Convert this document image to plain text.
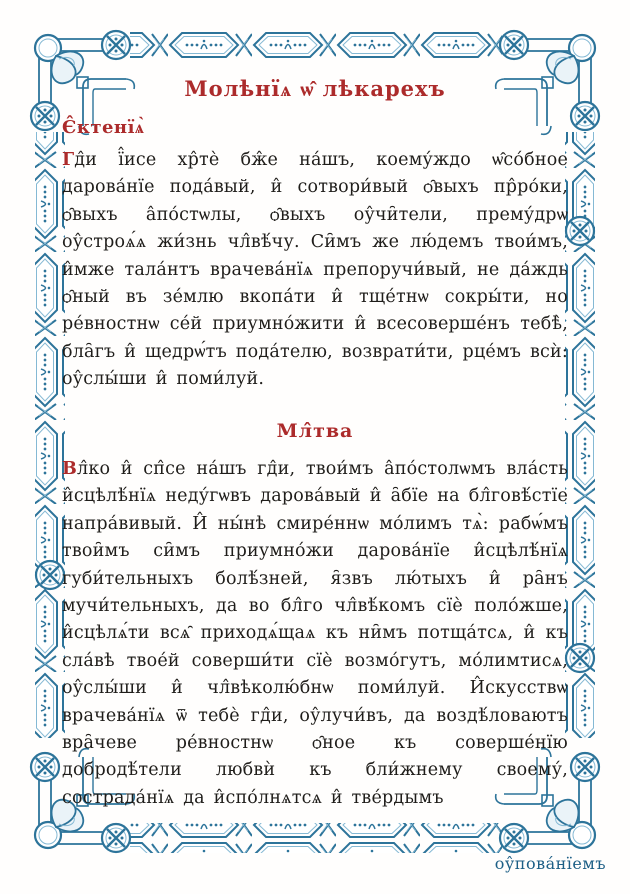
Молѣнїѧ ѡ̂ лѣкарехъ
Є̂ктенїѧ̀
Гд̂и ї̂исе хр̂тѐ бж̂е на́шъ, коему́ждо ѡ̂со́бное дарова́нїе пода́вый, и̂ сотвори́вый ѻ̑выхъ пр̂ро́ки, ѻ̑выхъ а̂по́стѡлы, ѻ̑выхъ оу̂чи̑тели, прему́дрѡ оу̂строѧ́ѧ жи́знь чл̂вѣ́чу. Си̑мъ же лю́демъ твои́мъ, и̂мже тала́нтъ врачева́нїѧ препоручи́вый, не да́ждь ѻ̑ный въ зе́млю вкопа́ти и̂ тще́тнѡ сокры́ти, но ре́вностнѡ се́й приумно́жити и̂ всесоверше́нъ тебѣ̀, бла̑гъ и̂ щедрѡ́тъ пода́телю, возврати́ти, рце́мъ всѝ: оу̂слы́ши и̂ поми́луй.
Мл̂тва
Вл̂ко и̂ сп̂се на́шъ гд̂и, твои́мъ а̂по́столѡмъ вла́сть и̂сцѣлѣ́нїѧ неду́гѡвъ дарова́вый и̂ а̑бїе на бл̂говѣ́стїе напра́вивый. И̂ ны́нѣ смире́ннѡ мо́лимъ тѧ̀: рабѡ́мъ твои̑мъ си̑мъ приумно́жи дарова́нїе и̂сцѣлѣ́нїѧ губи́тельныхъ болѣ́зней, я̑звъ лю́тыхъ и̂ ра̑нъ мучи́тельныхъ, да во бл̂го чл̂вѣ́комъ сїѐ поло́жше, и̂сцѣлѧ́ти всѧ̑ приходѧ́щаѧ къ ни̑мъ потща́тсѧ, и̂ къ сла́вѣ твое́й соверши́ти сїѐ возмо́гутъ, мо́лимтисѧ, оу̂слы́ши и̂ чл̂вѣколю́бнѡ поми́луй. И̂скусствѡ врачева́нїѧ ѿ тебѐ гд̂и, оу̂лучи́въ, да воздѣ́ловаютъ вра̑чеве ре́вностнѡ ѻ̑ное къ соверше́нїю добродѣ́тели любвѝ къ бли́жнему своему́, сострада́нїѧ да и̂спо́лнѧтсѧ и̂ тве́рдымъ
оу̂пова́нїемъ
